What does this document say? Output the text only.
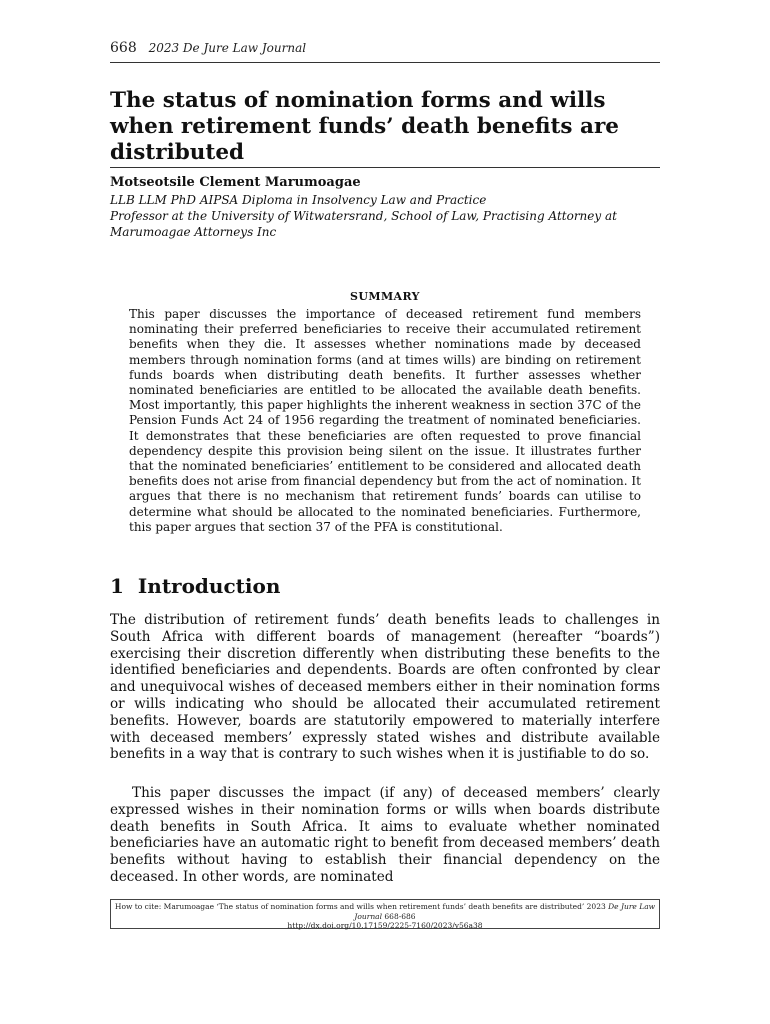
668 2023 De Jure Law Journal
The status of nomination forms and wills when retirement funds’ death benefits are distributed
Motseotsile Clement Marumoagae
LLB LLM PhD AIPSA Diploma in Insolvency Law and Practice
Professor at the University of Witwatersrand, School of Law, Practising Attorney at Marumoagae Attorneys Inc
SUMMARY

This paper discusses the importance of deceased retirement fund members nominating their preferred beneficiaries to receive their accumulated retirement benefits when they die. It assesses whether nominations made by deceased members through nomination forms (and at times wills) are binding on retirement funds boards when distributing death benefits. It further assesses whether nominated beneficiaries are entitled to be allocated the available death benefits. Most importantly, this paper highlights the inherent weakness in section 37C of the Pension Funds Act 24 of 1956 regarding the treatment of nominated beneficiaries. It demonstrates that these beneficiaries are often requested to prove financial dependency despite this provision being silent on the issue. It illustrates further that the nominated beneficiaries’ entitlement to be considered and allocated death benefits does not arise from financial dependency but from the act of nomination. It argues that there is no mechanism that retirement funds’ boards can utilise to determine what should be allocated to the nominated beneficiaries. Furthermore, this paper argues that section 37 of the PFA is constitutional.

1 Introduction

The distribution of retirement funds’ death benefits leads to challenges in South Africa with different boards of management (hereafter “boards”) exercising their discretion differently when distributing these benefits to the identified beneficiaries and dependents. Boards are often confronted by clear and unequivocal wishes of deceased members either in their nomination forms or wills indicating who should be allocated their accumulated retirement benefits. However, boards are statutorily empowered to materially interfere with deceased members’ expressly stated wishes and distribute available benefits in a way that is contrary to such wishes when it is justifiable to do so.

This paper discusses the impact (if any) of deceased members’ clearly expressed wishes in their nomination forms or wills when boards distribute death benefits in South Africa. It aims to evaluate whether nominated beneficiaries have an automatic right to benefit from deceased members’ death benefits without having to establish their financial dependency on the deceased. In other words, are nominated

How to cite: Marumoagae ‘The status of nomination forms and wills when retirement funds’ death benefits are distributed’ 2023 De Jure Law Journal 668-686
http://dx.doi.org/10.17159/2225-7160/2023/v56a38
